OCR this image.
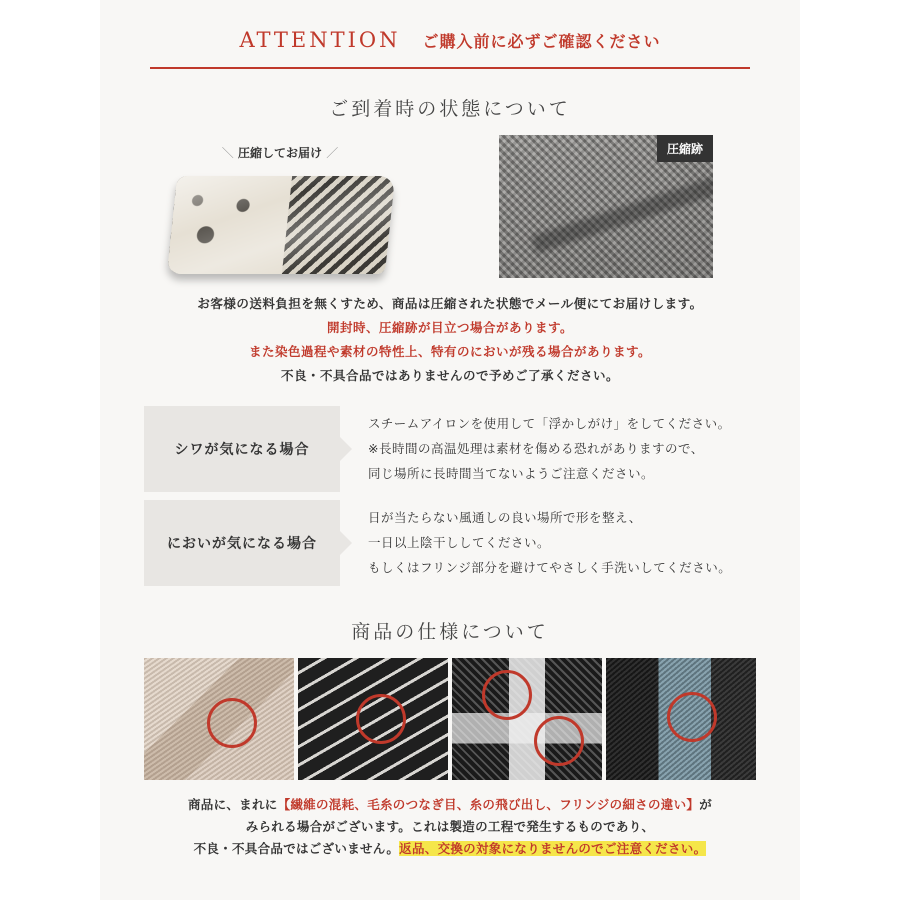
ATTENTION ご購入前に必ずご確認ください
ご到着時の状態について
＼ 圧縮してお届け ／	圧縮跡
お客様の送料負担を無くすため、商品は圧縮された状態でメール便にてお届けします。
開封時、圧縮跡が目立つ場合があります。
また染色過程や素材の特性上、特有のにおいが残る場合があります。
不良・不具合品ではありませんので予めご了承ください。
シワが気になる場合
スチームアイロンを使用して「浮かしがけ」をしてください。
※長時間の高温処理は素材を傷める恐れがありますので、
同じ場所に長時間当てないようご注意ください。
においが気になる場合
日が当たらない風通しの良い場所で形を整え、
一日以上陰干ししてください。
もしくはフリンジ部分を避けてやさしく手洗いしてください。
商品の仕様について
商品に、まれに【繊維の混耗、毛糸のつなぎ目、糸の飛び出し、フリンジの細さの違い】が
みられる場合がございます。これは製造の工程で発生するものであり、
不良・不具合品ではございません。返品、交換の対象になりませんのでご注意ください。
